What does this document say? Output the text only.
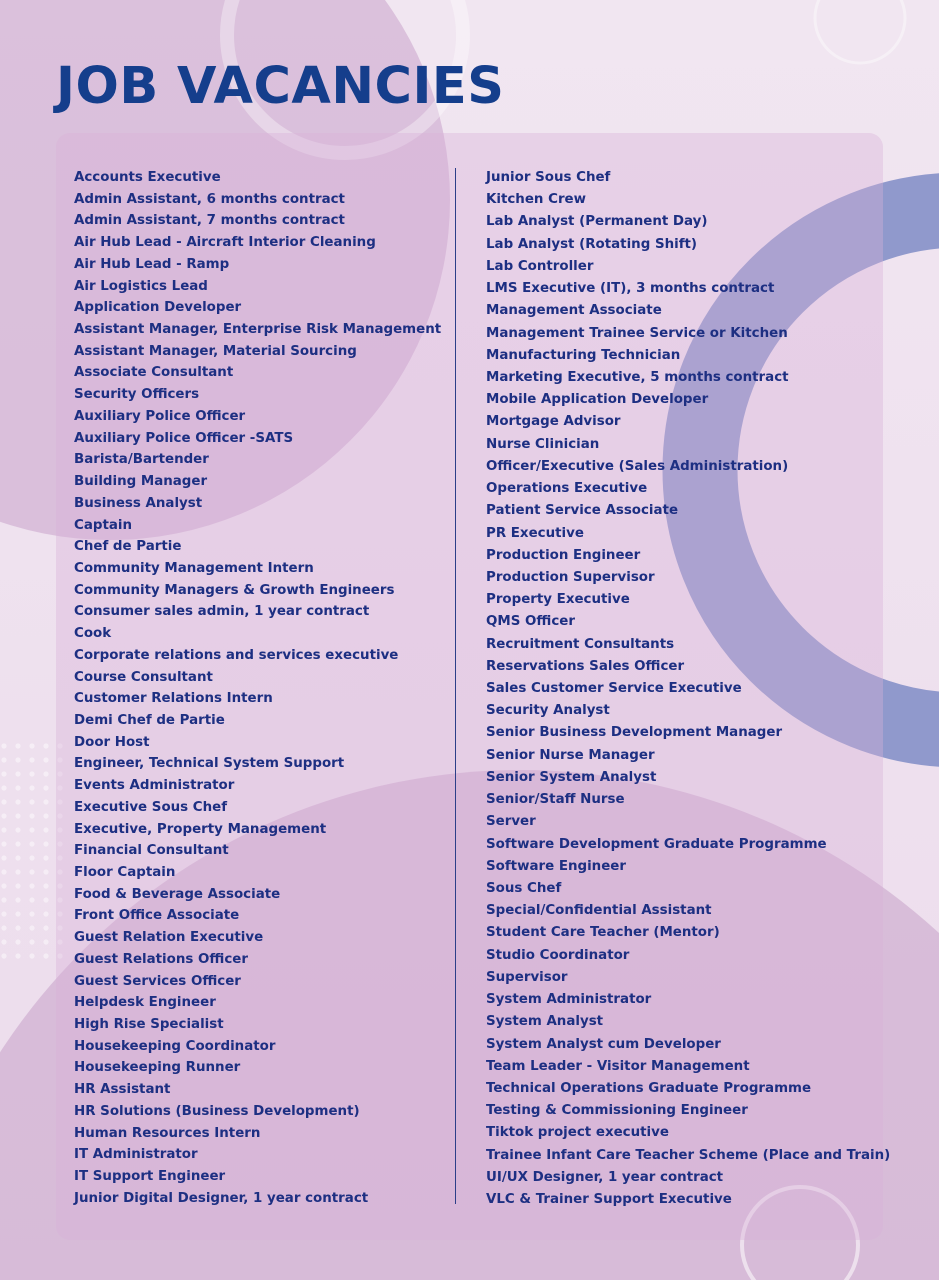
JOB VACANCIES
Accounts Executive
Admin Assistant, 6 months contract
Admin Assistant, 7 months contract
Air Hub Lead - Aircraft Interior Cleaning
Air Hub Lead - Ramp
Air Logistics Lead
Application Developer
Assistant Manager, Enterprise Risk Management
Assistant Manager, Material Sourcing
Associate Consultant
Security Officers
Auxiliary Police Officer
Auxiliary Police Officer -SATS
Barista/Bartender
Building Manager
Business Analyst
Captain
Chef de Partie
Community Management Intern
Community Managers & Growth Engineers
Consumer sales admin, 1 year contract
Cook
Corporate relations and services executive
Course Consultant
Customer Relations Intern
Demi Chef de Partie
Door Host
Engineer, Technical System Support
Events Administrator
Executive Sous Chef
Executive, Property Management
Financial Consultant
Floor Captain
Food & Beverage Associate
Front Office Associate
Guest Relation Executive
Guest Relations Officer
Guest Services Officer
Helpdesk Engineer
High Rise Specialist
Housekeeping Coordinator
Housekeeping Runner
HR Assistant
HR Solutions (Business Development)
Human Resources Intern
IT Administrator
IT Support Engineer
Junior Digital Designer, 1 year contract
Junior Sous Chef
Kitchen Crew
Lab Analyst (Permanent Day)
Lab Analyst (Rotating Shift)
Lab Controller
LMS Executive (IT), 3 months contract
Management Associate
Management Trainee Service or Kitchen
Manufacturing Technician
Marketing Executive, 5 months contract
Mobile Application Developer
Mortgage Advisor
Nurse Clinician
Officer/Executive (Sales Administration)
Operations Executive
Patient Service Associate
PR Executive
Production Engineer
Production Supervisor
Property Executive
QMS Officer
Recruitment Consultants
Reservations Sales Officer
Sales Customer Service Executive
Security Analyst
Senior Business Development Manager
Senior Nurse Manager
Senior System Analyst
Senior/Staff Nurse
Server
Software Development Graduate Programme
Software Engineer
Sous Chef
Special/Confidential Assistant
Student Care Teacher (Mentor)
Studio Coordinator
Supervisor
System Administrator
System Analyst
System Analyst cum Developer
Team Leader - Visitor Management
Technical Operations Graduate Programme
Testing & Commissioning Engineer
Tiktok project executive
Trainee Infant Care Teacher Scheme (Place and Train)
UI/UX Designer, 1 year contract
VLC & Trainer Support Executive
